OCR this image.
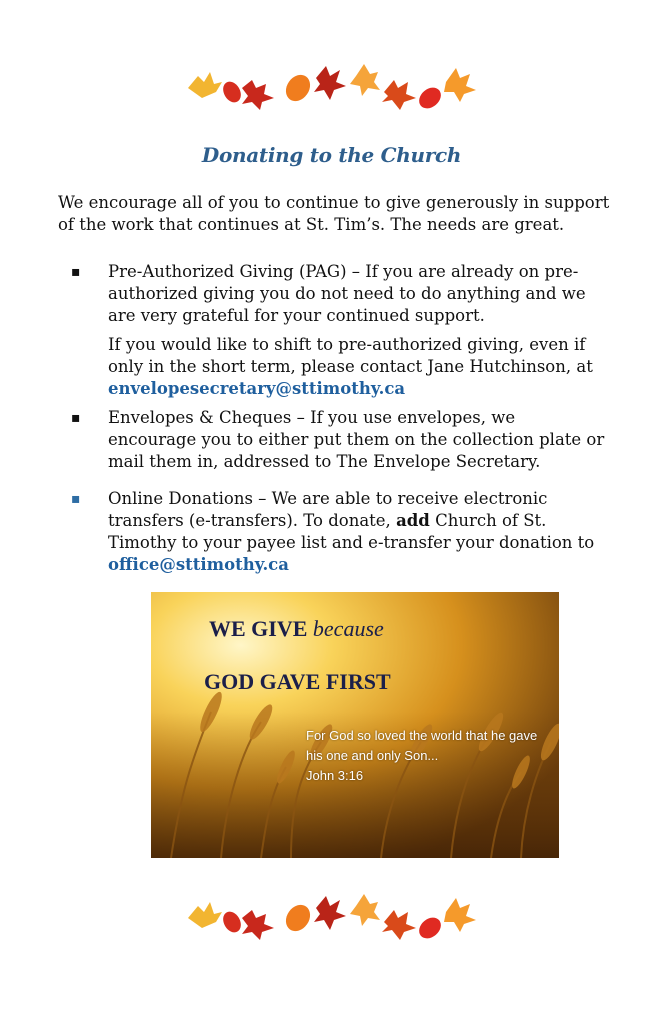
Donating to the Church
We encourage all of you to continue to give generously in support of the work that continues at St. Tim’s. The needs are great.
▪ Pre-Authorized Giving (PAG) – If you are already on pre-authorized giving you do not need to do anything and we are very grateful for your continued support.
If you would like to shift to pre-authorized giving, even if only in the short term, please contact Jane Hutchinson, at envelopesecretary@sttimothy.ca
▪ Envelopes & Cheques – If you use envelopes, we encourage you to either put them on the collection plate or mail them in, addressed to The Envelope Secretary.
▪ Online Donations – We are able to receive electronic transfers (e-transfers). To donate, add Church of St. Timothy to your payee list and e-transfer your donation to office@sttimothy.ca
WE GIVE because
GOD GAVE FIRST
For God so loved the world that he gave his one and only Son...
John 3:16
